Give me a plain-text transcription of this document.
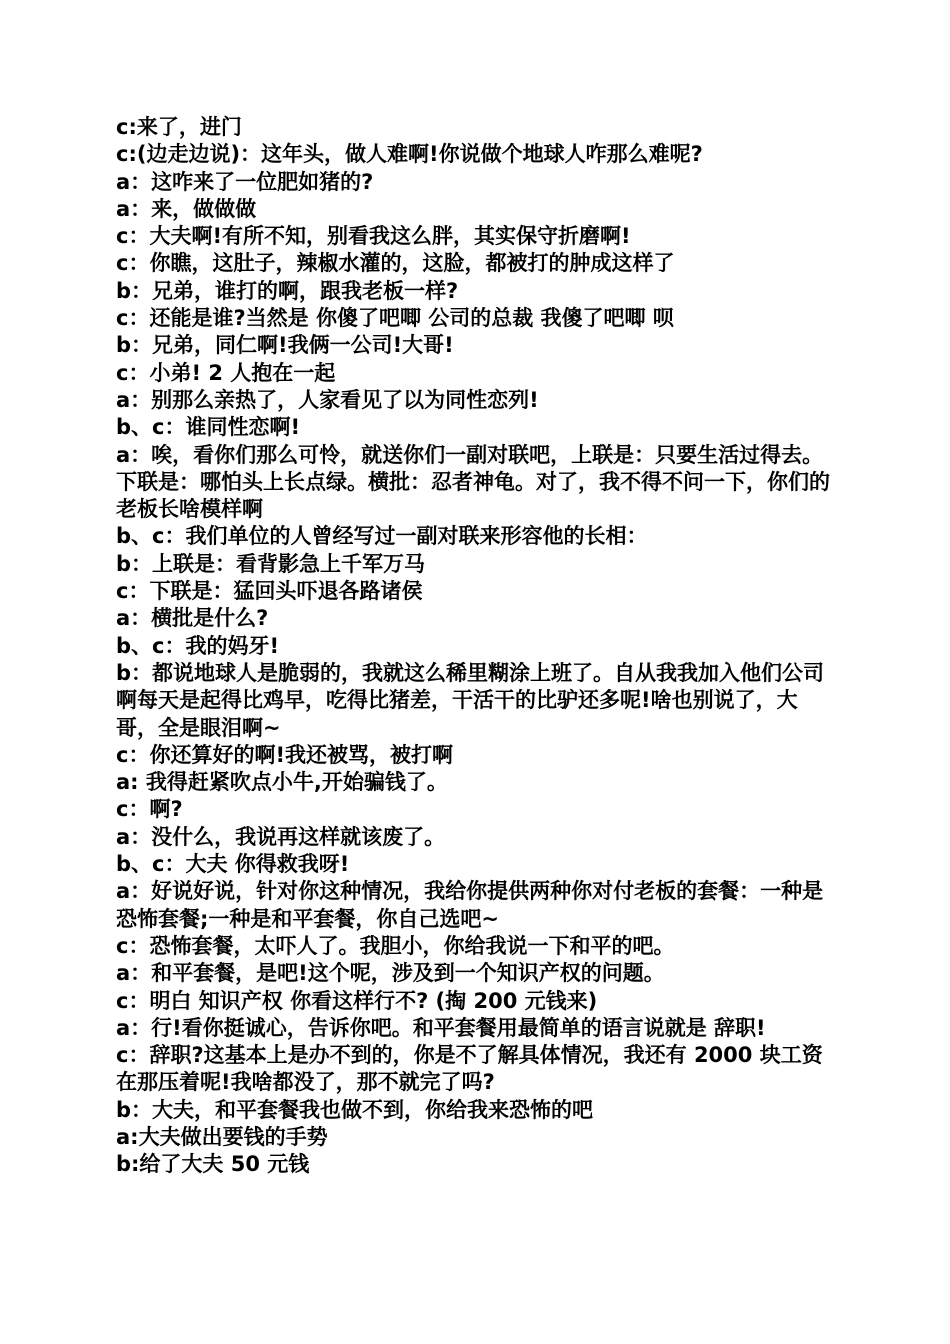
c:来了，进门

c:(边走边说)：这年头，做人难啊!你说做个地球人咋那么难呢?

a：这咋来了一位肥如猪的?

a：来，做做做

c：大夫啊!有所不知，别看我这么胖，其实保守折磨啊!

c：你瞧，这肚子，辣椒水灌的，这脸，都被打的肿成这样了

b：兄弟，谁打的啊，跟我老板一样?

c：还能是谁?当然是 你傻了吧唧 公司的总裁 我傻了吧唧 呗

b：兄弟，同仁啊!我俩一公司!大哥!

c：小弟! 2 人抱在一起

a：别那么亲热了，人家看见了以为同性恋列!

b、c：谁同性恋啊!

a：唉，看你们那么可怜，就送你们一副对联吧，上联是：只要生活过得去。下联是：哪怕头上长点绿。横批：忍者神龟。对了，我不得不问一下，你们的老板长啥模样啊

b、c：我们单位的人曾经写过一副对联来形容他的长相：

b：上联是：看背影急上千军万马

c：下联是：猛回头吓退各路诸侯

a：横批是什么?

b、c：我的妈牙!

b：都说地球人是脆弱的，我就这么稀里糊涂上班了。自从我我加入他们公司啊每天是起得比鸡早，吃得比猪差，干活干的比驴还多呢!啥也别说了，大哥，全是眼泪啊~

c：你还算好的啊!我还被骂，被打啊

a: 我得赶紧吹点小牛,开始骗钱了。

c：啊?

a：没什么，我说再这样就该废了。

b、c：大夫 你得救我呀!

a：好说好说，针对你这种情况，我给你提供两种你对付老板的套餐：一种是恐怖套餐;一种是和平套餐，你自己选吧~

c：恐怖套餐，太吓人了。我胆小，你给我说一下和平的吧。

a：和平套餐，是吧!这个呢，涉及到一个知识产权的问题。

c：明白 知识产权 你看这样行不? (掏 200 元钱来)

a：行!看你挺诚心，告诉你吧。和平套餐用最简单的语言说就是 辞职!

c：辞职?这基本上是办不到的，你是不了解具体情况，我还有 2000 块工资在那压着呢!我啥都没了，那不就完了吗?

b：大夫，和平套餐我也做不到，你给我来恐怖的吧

a:大夫做出要钱的手势

b:给了大夫 50 元钱
